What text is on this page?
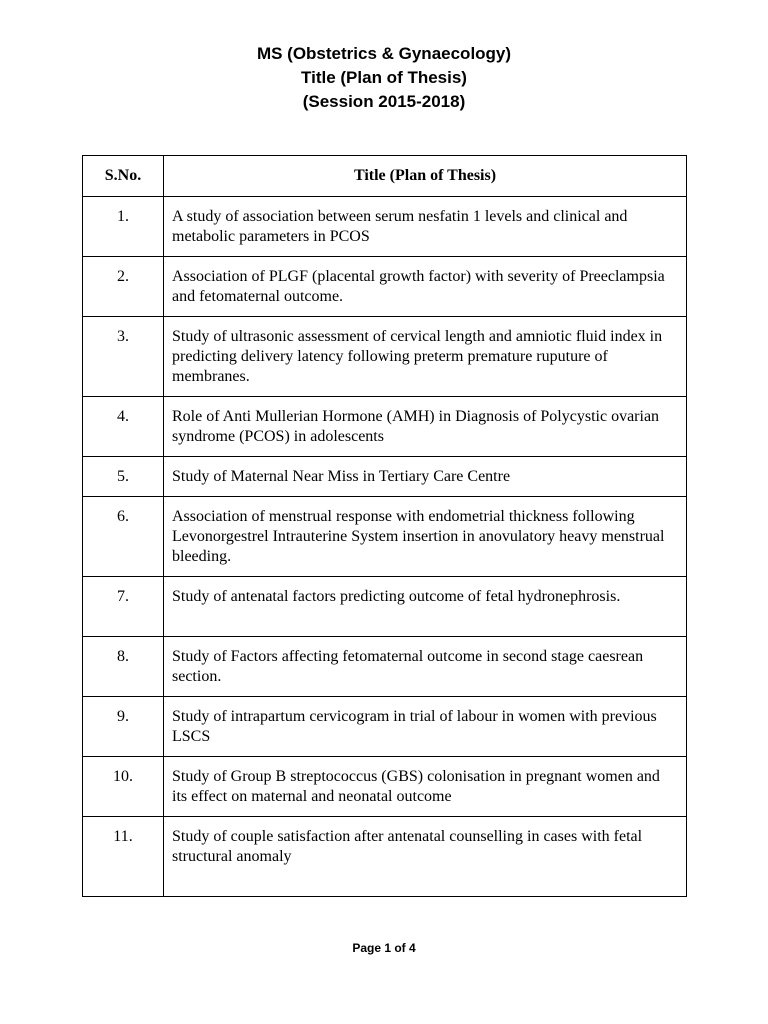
MS (Obstetrics & Gynaecology)
Title (Plan of Thesis)
(Session 2015-2018)
S.No.	Title (Plan of Thesis)
1.	A study of association between serum nesfatin 1 levels and clinical and metabolic parameters in PCOS
2.	Association of PLGF (placental growth factor) with severity of Preeclampsia and fetomaternal outcome.
3.	Study of ultrasonic assessment of cervical length and amniotic fluid index in predicting delivery latency following preterm premature ruputure of membranes.
4.	Role of Anti Mullerian Hormone (AMH) in Diagnosis of Polycystic ovarian syndrome (PCOS) in adolescents
5.	Study of Maternal Near Miss in Tertiary Care Centre
6.	Association of menstrual response with endometrial thickness following Levonorgestrel Intrauterine System insertion in anovulatory heavy menstrual bleeding.
7.	Study of antenatal factors predicting outcome of fetal hydronephrosis.
8.	Study of Factors affecting fetomaternal outcome in second stage caesrean section.
9.	Study of intrapartum cervicogram in trial of labour in women with previous LSCS
10.	Study of Group B streptococcus (GBS) colonisation in pregnant women and its effect on maternal and neonatal outcome
11.	Study of couple satisfaction after antenatal counselling in cases with fetal structural anomaly
Page 1 of 4
